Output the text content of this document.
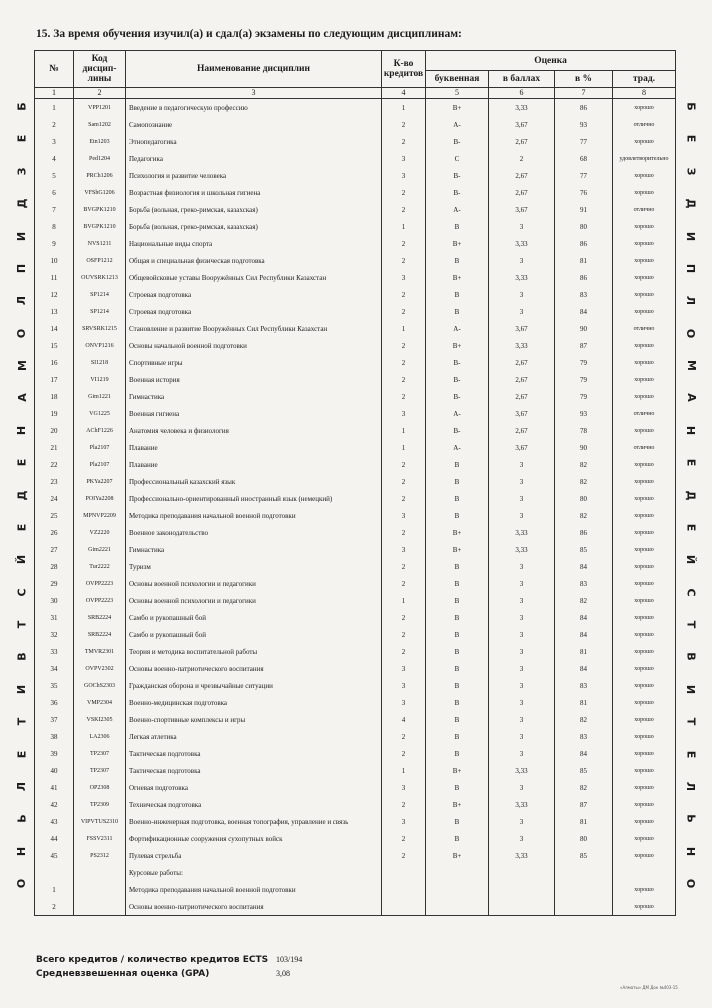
15. За время обучения изучил(а) и сдал(а) экзамены по следующим дисциплинам:
Б
Е
З
Д
И
П
Л
О
М
А
Н
Е
Д
Е
Й
С
Т
В
И
Т
Е
Л
Ь
Н
О
Б
Е
З
Д
И
П
Л
О
М
А
Н
Е
Д
Е
Й
С
Т
В
И
Т
Е
Л
Ь
Н
О
№	Код дисцип-лины	Наименование дисциплин	К-во кредитов	Оценка			
				буквенная	в баллах	в %	трад.
1	2	3	4	5	6	7	8
1	VPP1201	Введение в педагогическую профессию	1	B+	3,33	86	хорошо
2	Sam1202	Самопознание	2	A-	3,67	93	отлично
3	Etn1203	Этнопедагогика	2	B-	2,67	77	хорошо
4	Ped1204	Педагогика	3	C	2	68	удовлетворительно
5	PRCh1206	Психология и развитие человека	3	B-	2,67	77	хорошо
6	VFShG1206	Возрастная физиология и школьная гигиена	2	B-	2,67	76	хорошо
7	BVGPK1210	Борьба (вольная, греко-римская, казахская)	2	A-	3,67	91	отлично
8	BVGPK1210	Борьба (вольная, греко-римская, казахская)	1	B	3	80	хорошо
9	NVS1211	Национальные виды спорта	2	B+	3,33	86	хорошо
10	OSFP1212	Общая и специальная физическая подготовка	2	B	3	81	хорошо
11	OUVSRK1213	Общевойсковые уставы Вооружённых Сил Республики Казахстан	3	B+	3,33	86	хорошо
12	SP1214	Строевая подготовка	2	B	3	83	хорошо
13	SP1214	Строевая подготовка	2	B	3	84	хорошо
14	SRVSRK1215	Становление и развитие Вооружённых Сил Республики Казахстан	1	A-	3,67	90	отлично
15	ONVP1216	Основы начальной военной подготовки	2	B+	3,33	87	хорошо
16	SI1218	Спортивные игры	2	B-	2,67	79	хорошо
17	VI1219	Военная история	2	B-	2,67	79	хорошо
18	Gim1221	Гимнастика	2	B-	2,67	79	хорошо
19	VG1225	Военная гигиена	3	A-	3,67	93	отлично
20	AChF1226	Анатомия человека и физиология	1	B-	2,67	78	хорошо
21	Pla2107	Плавание	1	A-	3,67	90	отлично
22	Pla2107	Плавание	2	B	3	82	хорошо
23	PKYa2207	Профессиональный казахский язык	2	B	3	82	хорошо
24	POIYa2208	Профессионально-ориентированный иностранный язык (немецкий)	2	B	3	80	хорошо
25	MPNVP2209	Методика преподавания начальной военной подготовки	3	B	3	82	хорошо
26	VZ2220	Военное законодательство	2	B+	3,33	86	хорошо
27	Gim2221	Гимнастика	3	B+	3,33	85	хорошо
28	Tur2222	Туризм	2	B	3	84	хорошо
29	OVPP2223	Основы военной психологии и педагогики	2	B	3	83	хорошо
30	OVPP2223	Основы военной психологии и педагогики	1	B	3	82	хорошо
31	SRB2224	Самбо и рукопашный бой	2	B	3	84	хорошо
32	SRB2224	Самбо и рукопашный бой	2	B	3	84	хорошо
33	TMVR2301	Теория и методика воспитательной работы	2	B	3	81	хорошо
34	OVPV2302	Основы военно-патриотического воспитания	3	B	3	84	хорошо
35	GOChS2303	Гражданская оборона и чрезвычайные ситуации	3	B	3	83	хорошо
36	VMP2304	Военно-медицинская подготовка	3	B	3	81	хорошо
37	VSKI2305	Военно-спортивные комплексы и игры	4	B	3	82	хорошо
38	LA2306	Легкая атлетика	2	B	3	83	хорошо
39	TP2307	Тактическая подготовка	2	B	3	84	хорошо
40	TP2307	Тактическая подготовка	1	B+	3,33	85	хорошо
41	OP2308	Огневая подготовка	3	B	3	82	хорошо
42	TP2309	Техническая подготовка	2	B+	3,33	87	хорошо
43	VIPVTUS2310	Военно-инженерная подготовка, военная топография, управление и связь	3	B	3	81	хорошо
44	FSSV2311	Фортификационные сооружения сухопутных войск	2	B	3	80	хорошо
45	PS2312	Пулевая стрельба	2	B+	3,33	85	хорошо
		Курсовые работы:					
1		Методика преподавания начальной военной подготовки					хорошо
2		Основы военно-патриотического воспитания					хорошо
Всего кредитов / количество кредитов ECTS 103/194
Средневзвешенная оценка (GPA)	3,08
«Алматы» ДМ Док №403-15
